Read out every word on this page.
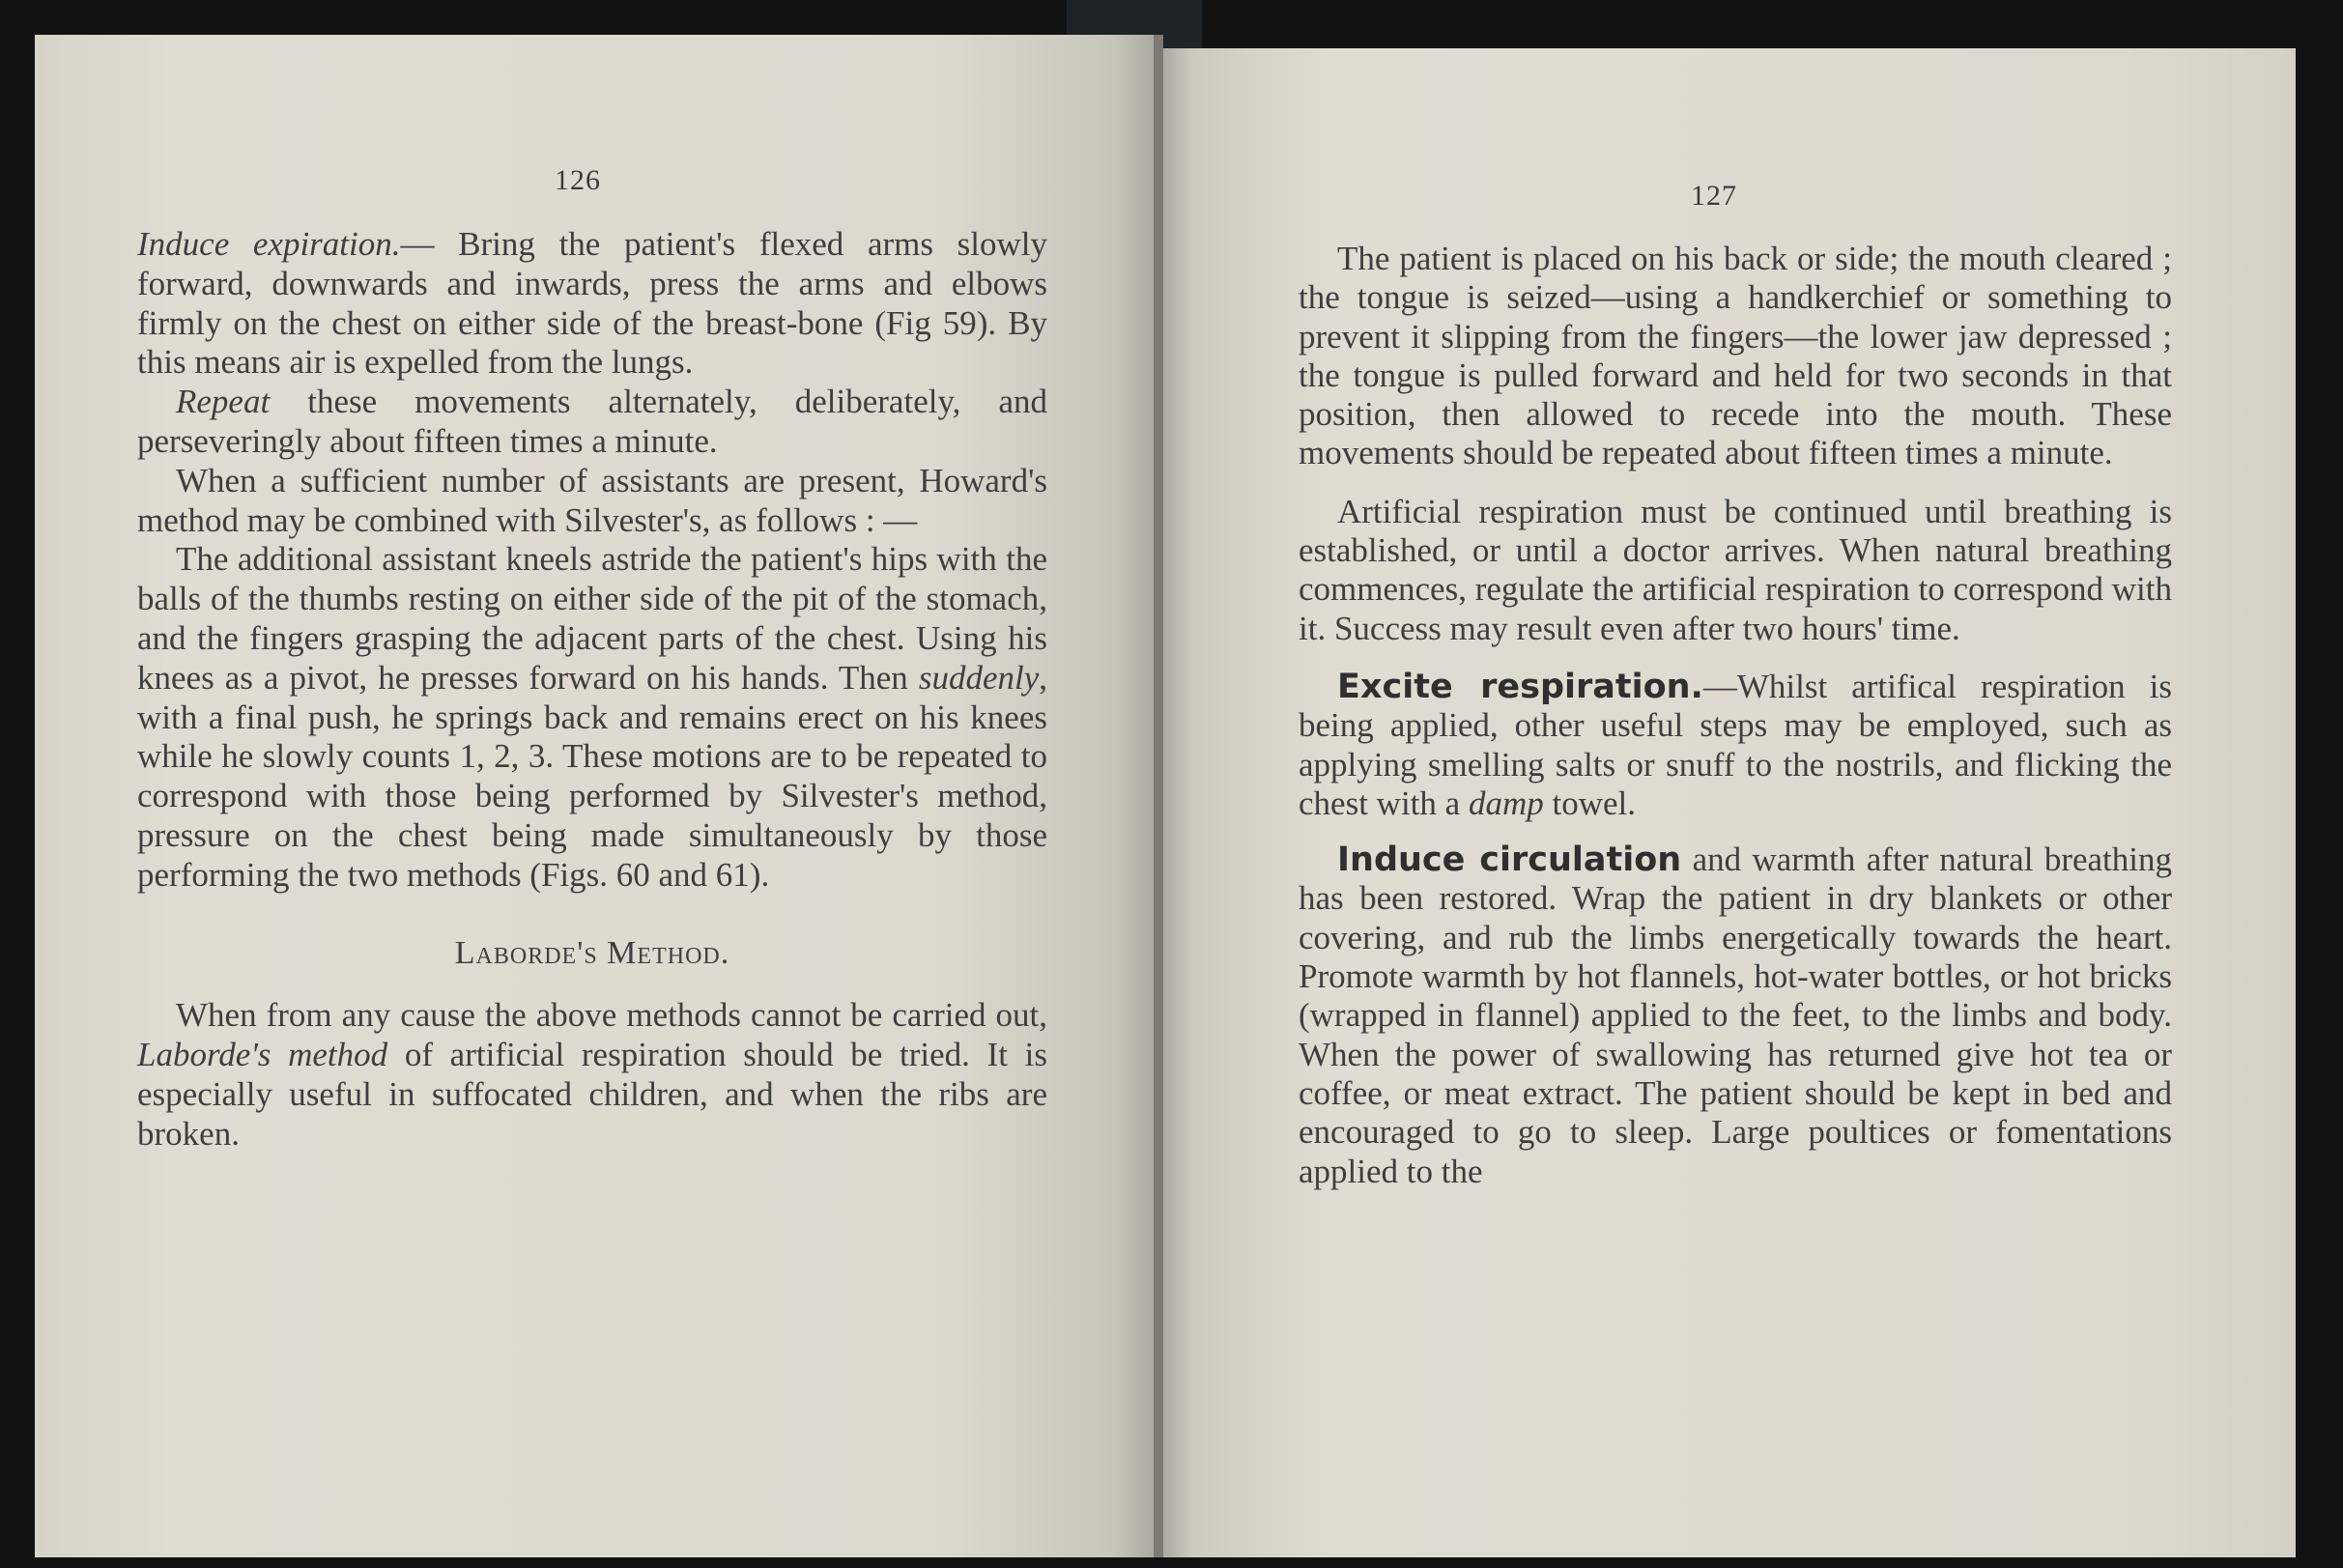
126

Induce expiration.— Bring the patient's flexed arms slowly forward, downwards and inwards, press the arms and elbows firmly on the chest on either side of the breast-bone (Fig 59). By this means air is expelled from the lungs.

Repeat these movements alternately, deliberately, and perseveringly about fifteen times a minute.

When a sufficient number of assistants are present, Howard's method may be combined with Silvester's, as follows : —

The additional assistant kneels astride the patient's hips with the balls of the thumbs resting on either side of the pit of the stomach, and the fingers grasping the adjacent parts of the chest. Using his knees as a pivot, he presses forward on his hands. Then suddenly, with a final push, he springs back and remains erect on his knees while he slowly counts 1, 2, 3. These motions are to be repeated to correspond with those being performed by Silvester's method, pressure on the chest being made simultaneously by those performing the two methods (Figs. 60 and 61).

Laborde's Method.

When from any cause the above methods cannot be carried out, Laborde's method of artificial respiration should be tried. It is especially useful in suffocated children, and when the ribs are broken.

127

The patient is placed on his back or side; the mouth cleared ; the tongue is seized—using a handkerchief or something to prevent it slipping from the fingers—the lower jaw depressed ; the tongue is pulled forward and held for two seconds in that position, then allowed to recede into the mouth. These movements should be repeated about fifteen times a minute.

Artificial respiration must be continued until breathing is established, or until a doctor arrives. When natural breathing commences, regulate the artificial respiration to correspond with it. Success may result even after two hours' time.

Excite respiration.—Whilst artifical respiration is being applied, other useful steps may be employed, such as applying smelling salts or snuff to the nostrils, and flicking the chest with a damp towel.

Induce circulation and warmth after natural breathing has been restored. Wrap the patient in dry blankets or other covering, and rub the limbs energetically towards the heart. Promote warmth by hot flannels, hot-water bottles, or hot bricks (wrapped in flannel) applied to the feet, to the limbs and body. When the power of swallowing has returned give hot tea or coffee, or meat extract. The patient should be kept in bed and encouraged to go to sleep. Large poultices or fomentations applied to the
